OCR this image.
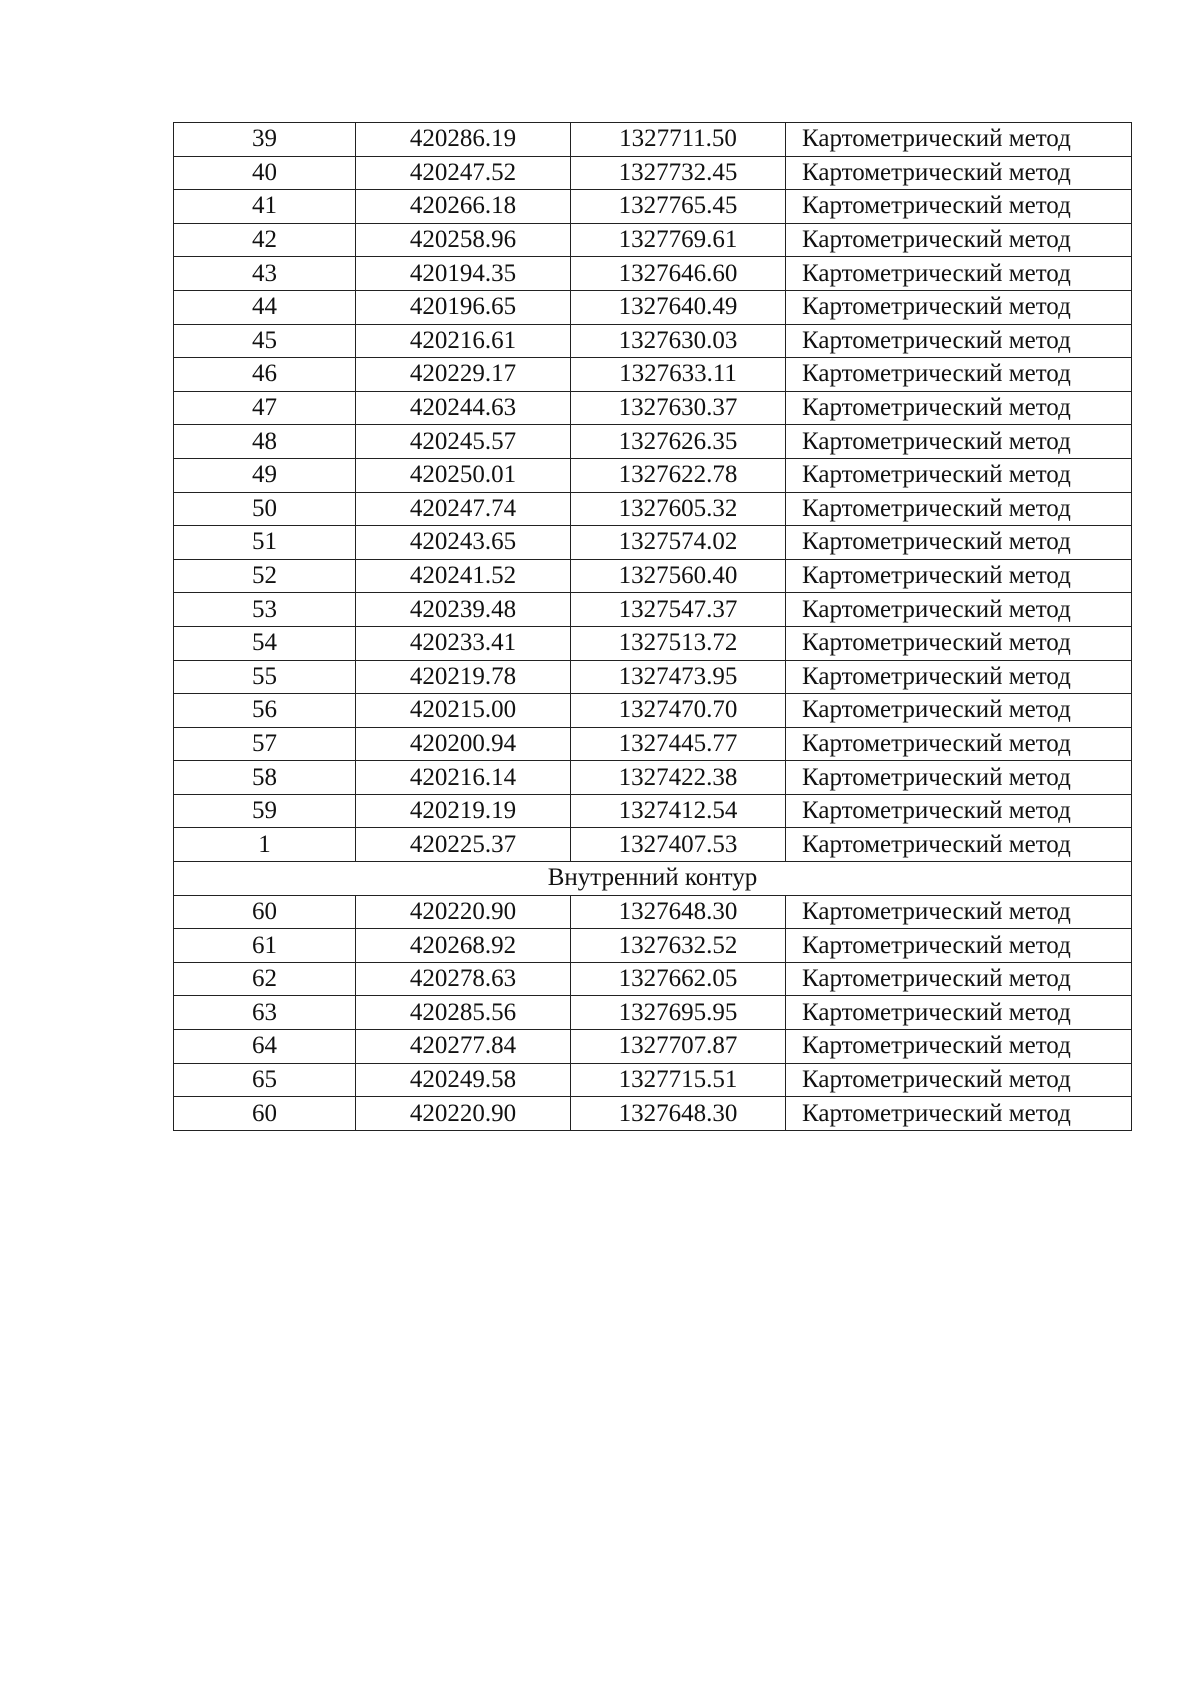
39	420286.19	1327711.50	Картометрический метод
40	420247.52	1327732.45	Картометрический метод
41	420266.18	1327765.45	Картометрический метод
42	420258.96	1327769.61	Картометрический метод
43	420194.35	1327646.60	Картометрический метод
44	420196.65	1327640.49	Картометрический метод
45	420216.61	1327630.03	Картометрический метод
46	420229.17	1327633.11	Картометрический метод
47	420244.63	1327630.37	Картометрический метод
48	420245.57	1327626.35	Картометрический метод
49	420250.01	1327622.78	Картометрический метод
50	420247.74	1327605.32	Картометрический метод
51	420243.65	1327574.02	Картометрический метод
52	420241.52	1327560.40	Картометрический метод
53	420239.48	1327547.37	Картометрический метод
54	420233.41	1327513.72	Картометрический метод
55	420219.78	1327473.95	Картометрический метод
56	420215.00	1327470.70	Картометрический метод
57	420200.94	1327445.77	Картометрический метод
58	420216.14	1327422.38	Картометрический метод
59	420219.19	1327412.54	Картометрический метод
1	420225.37	1327407.53	Картометрический метод
Внутренний контур			
60	420220.90	1327648.30	Картометрический метод
61	420268.92	1327632.52	Картометрический метод
62	420278.63	1327662.05	Картометрический метод
63	420285.56	1327695.95	Картометрический метод
64	420277.84	1327707.87	Картометрический метод
65	420249.58	1327715.51	Картометрический метод
60	420220.90	1327648.30	Картометрический метод
